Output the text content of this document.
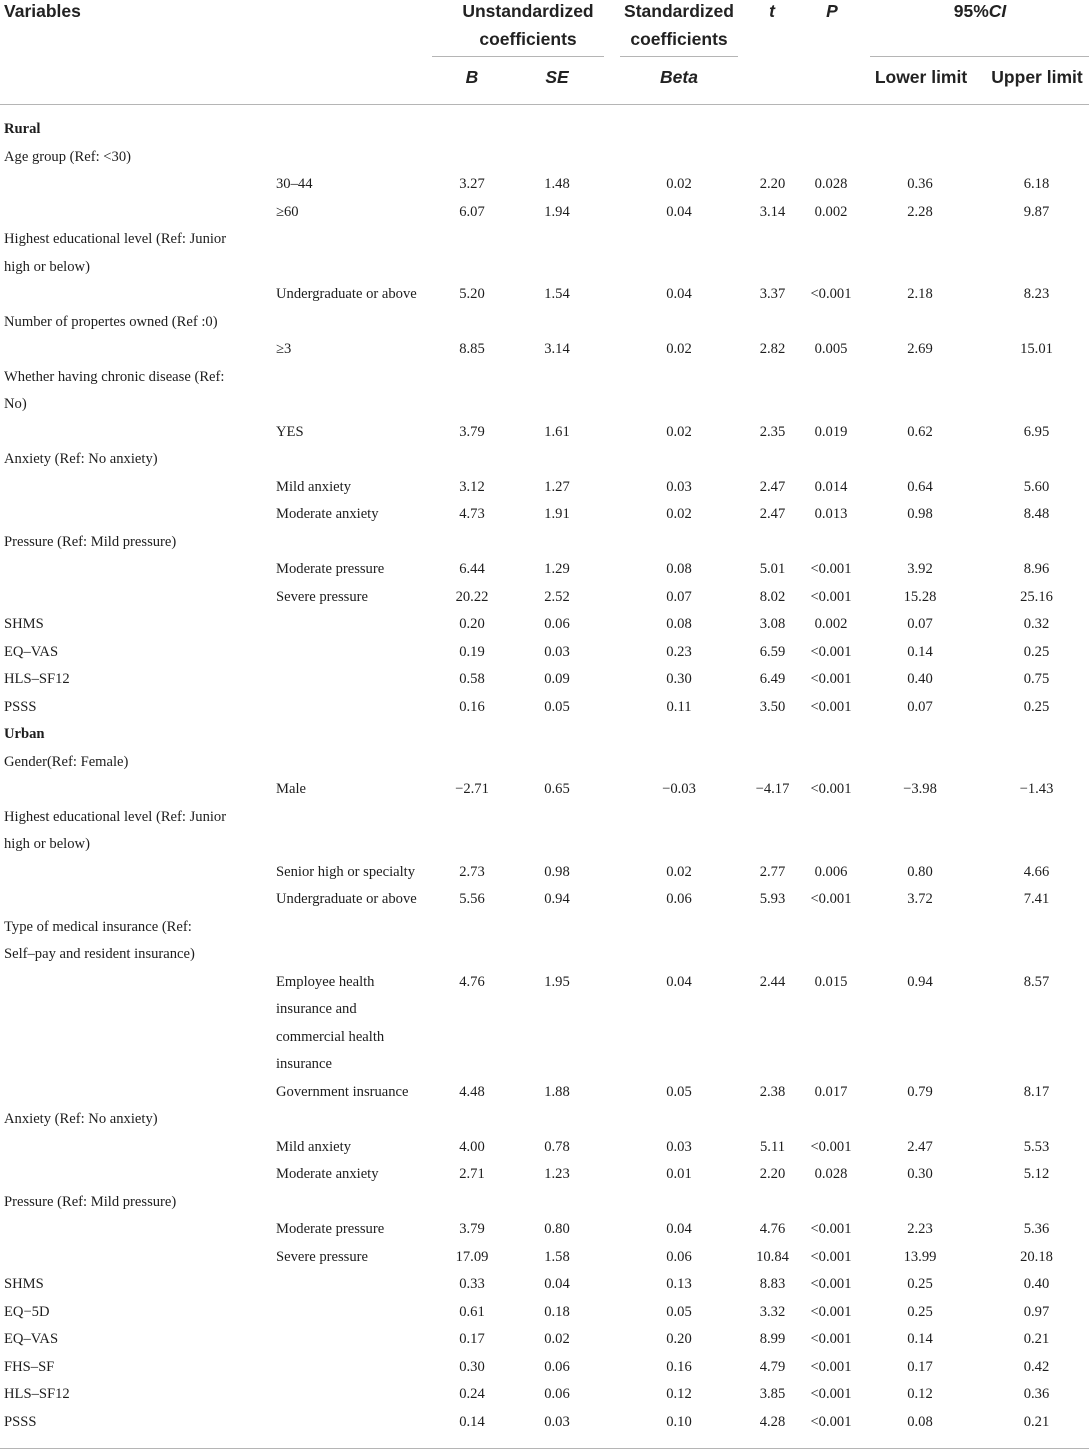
Variables	Unstandardized
coefficients
Standardized
coefficients
t	P	95%CI
B	SE	Beta	Lower limit	Upper limit
Rural
Age group (Ref: <30)
30–44	3.27	1.48	0.02	2.20	0.028	0.36	6.18
≥60	6.07	1.94	0.04	3.14	0.002	2.28	9.87
Highest educational level (Ref: Junior
high or below)
Undergraduate or above	5.20	1.54	0.04	3.37	<0.001	2.18	8.23
Number of propertes owned (Ref :0)
≥3	8.85	3.14	0.02	2.82	0.005	2.69	15.01
Whether having chronic disease (Ref:
No)
YES	3.79	1.61	0.02	2.35	0.019	0.62	6.95
Anxiety (Ref: No anxiety)
Mild anxiety	3.12	1.27	0.03	2.47	0.014	0.64	5.60
Moderate anxiety	4.73	1.91	0.02	2.47	0.013	0.98	8.48
Pressure (Ref: Mild pressure)
Moderate pressure	6.44	1.29	0.08	5.01	<0.001	3.92	8.96
Severe pressure	20.22	2.52	0.07	8.02	<0.001	15.28	25.16
SHMS	0.20	0.06	0.08	3.08	0.002	0.07	0.32
EQ–VAS	0.19	0.03	0.23	6.59	<0.001	0.14	0.25
HLS–SF12	0.58	0.09	0.30	6.49	<0.001	0.40	0.75
PSSS	0.16	0.05	0.11	3.50	<0.001	0.07	0.25
Urban
Gender(Ref: Female)
Male	−2.71	0.65	−0.03	−4.17	<0.001	−3.98	−1.43
Highest educational level (Ref: Junior
high or below)
Senior high or specialty	2.73	0.98	0.02	2.77	0.006	0.80	4.66
Undergraduate or above	5.56	0.94	0.06	5.93	<0.001	3.72	7.41
Type of medical insurance (Ref:
Self–pay and resident insurance)
Employee health	4.76	1.95	0.04	2.44	0.015	0.94	8.57
insurance and
commercial health
insurance
Government insruance	4.48	1.88	0.05	2.38	0.017	0.79	8.17
Anxiety (Ref: No anxiety)
Mild anxiety	4.00	0.78	0.03	5.11	<0.001	2.47	5.53
Moderate anxiety	2.71	1.23	0.01	2.20	0.028	0.30	5.12
Pressure (Ref: Mild pressure)
Moderate pressure	3.79	0.80	0.04	4.76	<0.001	2.23	5.36
Severe pressure	17.09	1.58	0.06	10.84	<0.001	13.99	20.18
SHMS	0.33	0.04	0.13	8.83	<0.001	0.25	0.40
EQ−5D	0.61	0.18	0.05	3.32	<0.001	0.25	0.97
EQ–VAS	0.17	0.02	0.20	8.99	<0.001	0.14	0.21
FHS–SF	0.30	0.06	0.16	4.79	<0.001	0.17	0.42
HLS–SF12	0.24	0.06	0.12	3.85	<0.001	0.12	0.36
PSSS	0.14	0.03	0.10	4.28	<0.001	0.08	0.21
